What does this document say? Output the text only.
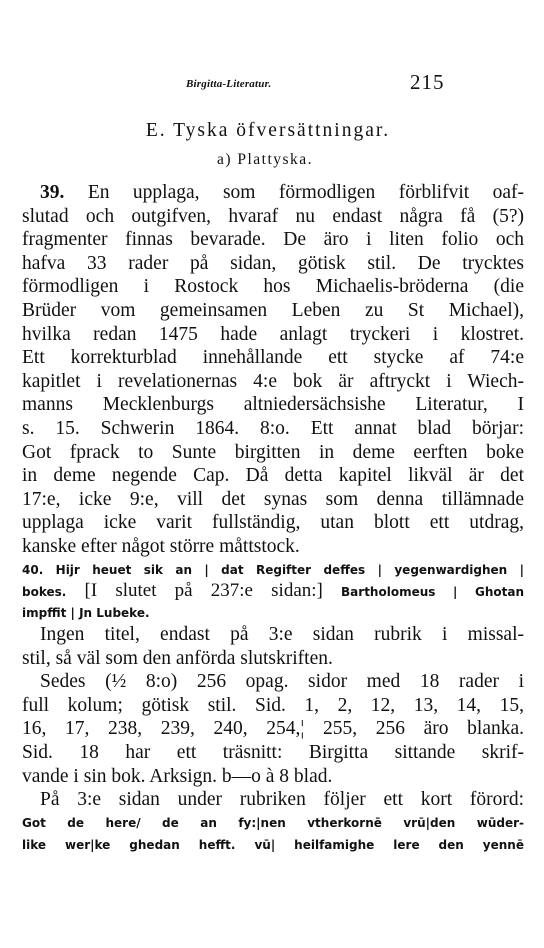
Birgitta-Literatur.	215
E. Tyska öfversättningar.
a) Plattyska.
39. En upplaga, som förmodligen förblifvit oaf-
slutad och outgifven, hvaraf nu endast några få (5?)
fragmenter finnas bevarade. De äro i liten folio och
hafva 33 rader på sidan, götisk stil. De trycktes
förmodligen i Rostock hos Michaelis-bröderna (die
Brüder vom gemeinsamen Leben zu St Michael),
hvilka redan 1475 hade anlagt tryckeri i klostret.
Ett korrekturblad innehållande ett stycke af 74:e
kapitlet i revelationernas 4:e bok är aftryckt i Wiech-
manns Mecklenburgs altniedersächsishe Literatur, I
s. 15. Schwerin 1864. 8:o. Ett annat blad börjar:
Got fprack to Sunte birgitten in deme eerften boke
in deme negende Cap. Då detta kapitel likväl är det
17:e, icke 9:e, vill det synas som denna tillämnade
upplaga icke varit fullständig, utan blott ett utdrag,
kanske efter något större måttstock.
40. Hijr heuet sik an | dat Regifter deffes | yegenwardighen |
bokes. [I slutet på 237:e sidan:] Bartholomeus | Ghotan
impffit | Jn Lubeke.
Ingen titel, endast på 3:e sidan rubrik i missal-
stil, så väl som den anförda slutskriften.
Sedes (½ 8:o) 256 opag. sidor med 18 rader i
full kolum; götisk stil. Sid. 1, 2, 12, 13, 14, 15,
16, 17, 238, 239, 240, 254,¦ 255, 256 äro blanka.
Sid. 18 har ett träsnitt: Birgitta sittande skrif-
vande i sin bok. Arksign. b—o à 8 blad.
På 3:e sidan under rubriken följer ett kort förord:
Got de here/ de an fy:|nen vtherkornē vrū|den wūder-
like wer|ke ghedan hefft. vū| heilfamighe lere den yennē
